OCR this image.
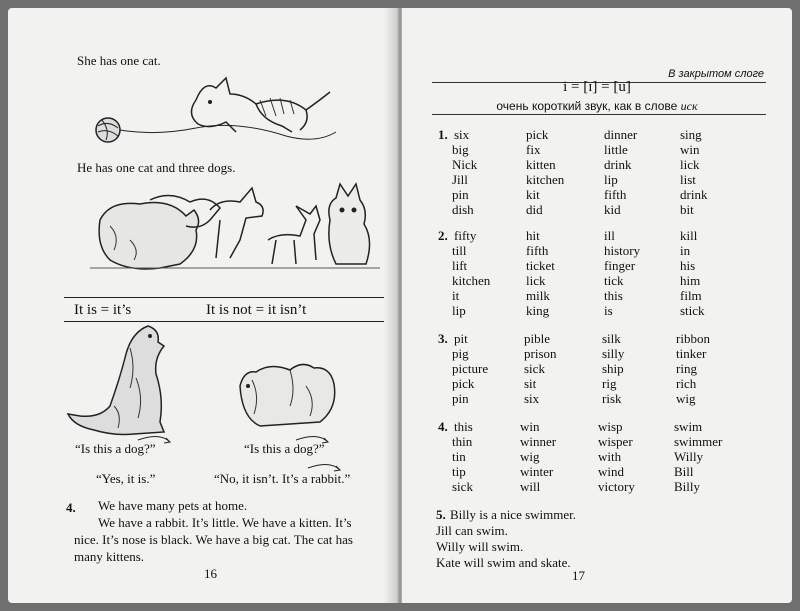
She has one cat.
He has one cat and three dogs.
It is = it’s	It is not = it isn’t
“Is this a dog?”
“Yes, it is.”
“Is this a dog?”
“No, it isn’t. It’s a rabbit.”
4.	We have many pets at home.
We have a rabbit. It’s little. We have a kitten. It’s
nice. It’s nose is black. We have a big cat. The cat has
many kittens.
16
В закрытом слоге
i = [ɪ] = [u]
очень короткий звук, как в слове иск
1. six
big
Nick
Jill
pin
dish
pick
fix
kitten
kitchen
kit
did
dinner
little
drink
lip
fifth
kid
sing
win
lick
list
drink
bit
2. fifty
till
lift
kitchen
it
lip
hit
fifth
ticket
lick
milk
king
ill
history
finger
tick
this
is
kill
in
his
him
film
stick
3. pit
pig
picture
pick
pin
pible
prison
sick
sit
six
silk
silly
ship
rig
risk
ribbon
tinker
ring
rich
wig
4. this
thin
tin
tip
sick
win
winner
wig
winter
will
wisp
wisper
with
wind
victory
swim
swimmer
Willy
Bill
Billy
5. Billy is a nice swimmer.
Jill can swim.
Willy will swim.
Kate will swim and skate.
17
